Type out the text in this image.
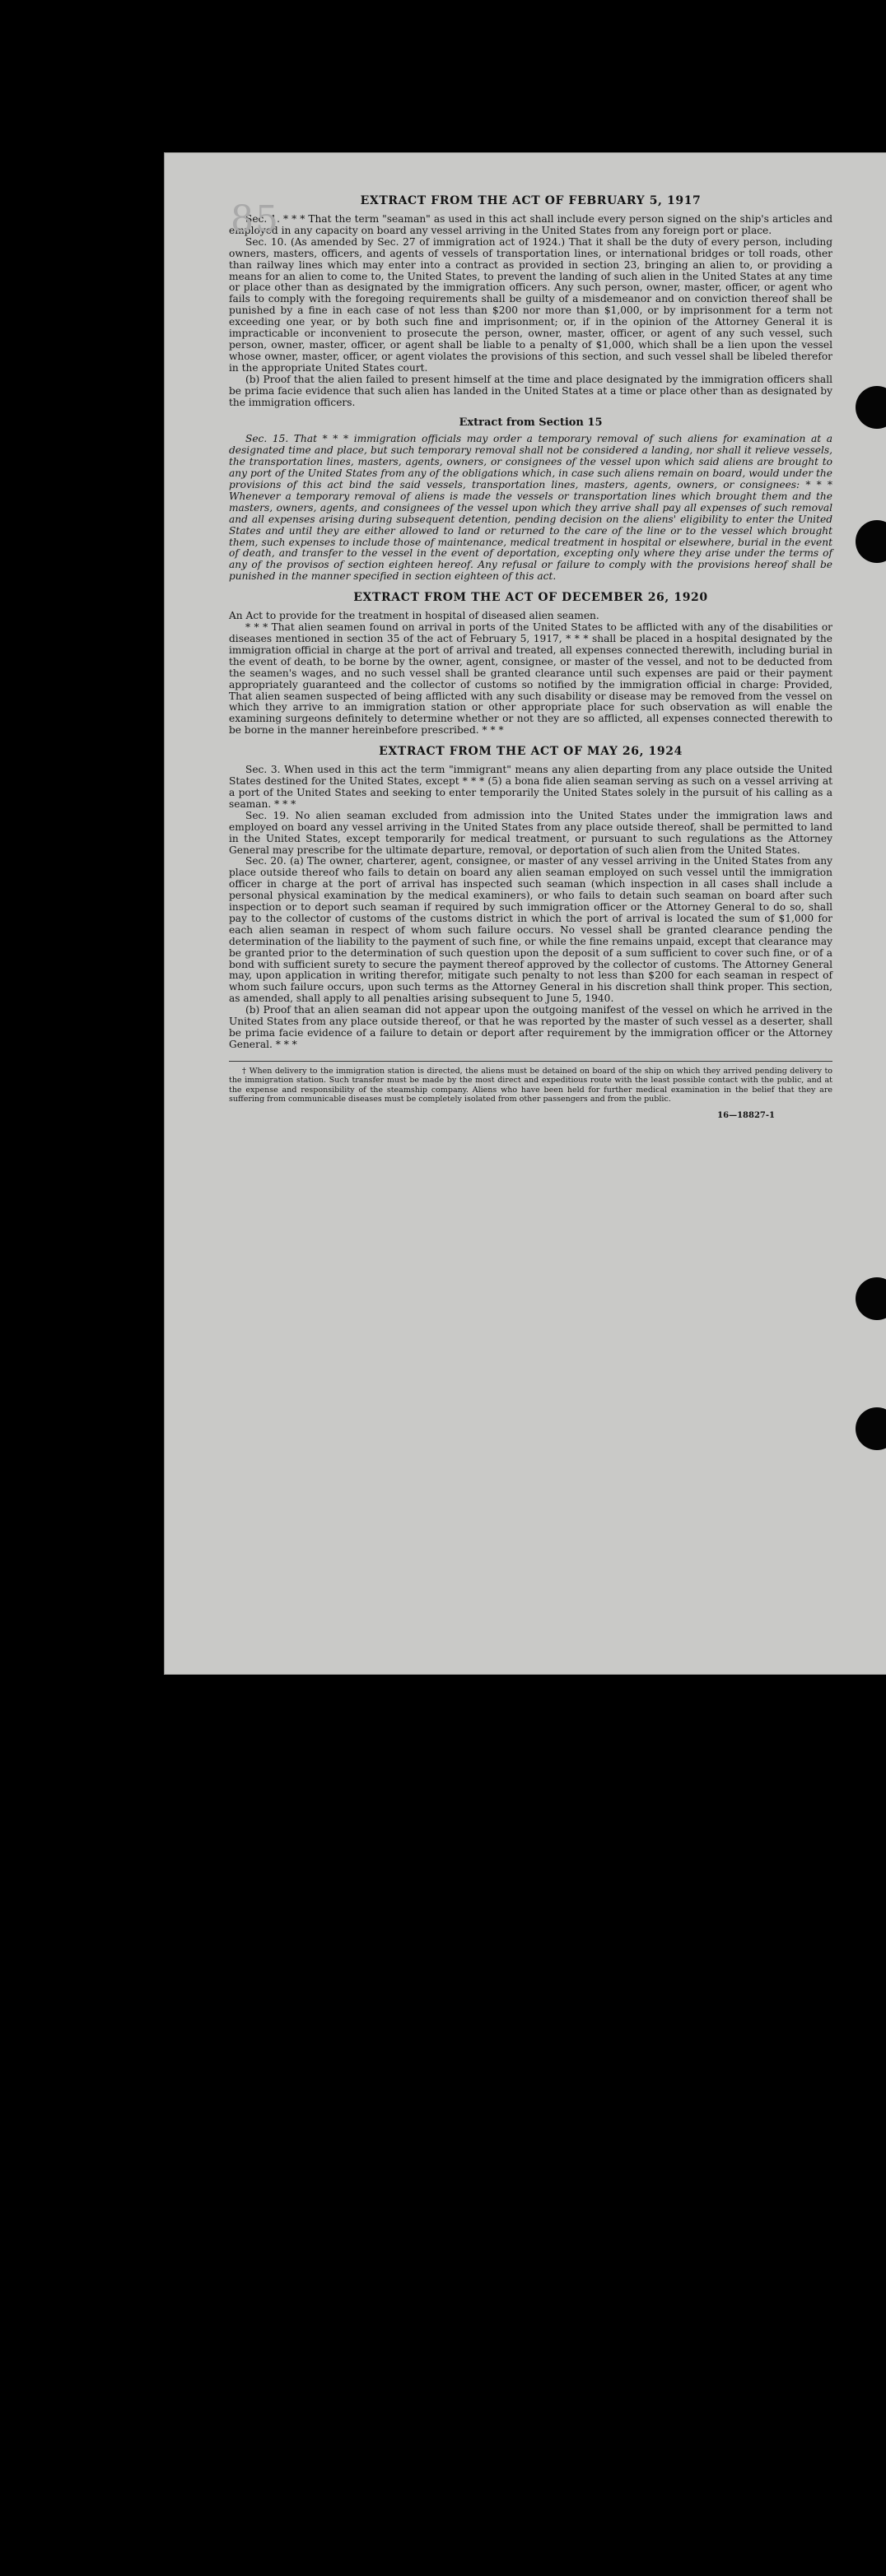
85	EXTRACT FROM THE ACT OF FEBRUARY 5, 1917

Sec. 1. * * * That the term "seaman" as used in this act shall include every person signed on the ship's articles and employed in any capacity on board any vessel arriving in the United States from any foreign port or place.

Sec. 10. (As amended by Sec. 27 of immigration act of 1924.) That it shall be the duty of every person, including owners, masters, officers, and agents of vessels of transportation lines, or international bridges or toll roads, other than railway lines which may enter into a contract as provided in section 23, bringing an alien to, or providing a means for an alien to come to, the United States, to prevent the landing of such alien in the United States at any time or place other than as designated by the immigration officers. Any such person, owner, master, officer, or agent who fails to comply with the foregoing requirements shall be guilty of a misdemeanor and on conviction thereof shall be punished by a fine in each case of not less than $200 nor more than $1,000, or by imprisonment for a term not exceeding one year, or by both such fine and imprisonment; or, if in the opinion of the Attorney General it is impracticable or inconvenient to prosecute the person, owner, master, officer, or agent of any such vessel, such person, owner, master, officer, or agent shall be liable to a penalty of $1,000, which shall be a lien upon the vessel whose owner, master, officer, or agent violates the provisions of this section, and such vessel shall be libeled therefor in the appropriate United States court.

(b) Proof that the alien failed to present himself at the time and place designated by the immigration officers shall be prima facie evidence that such alien has landed in the United States at a time or place other than as designated by the immigration officers.

Extract from Section 15

Sec. 15. That * * * immigration officials may order a temporary removal of such aliens for examination at a designated time and place, but such temporary removal shall not be considered a landing, nor shall it relieve vessels, the transportation lines, masters, agents, owners, or consignees of the vessel upon which said aliens are brought to any port of the United States from any of the obligations which, in case such aliens remain on board, would under the provisions of this act bind the said vessels, transportation lines, masters, agents, owners, or consignees: * * * Whenever a temporary removal of aliens is made the vessels or transportation lines which brought them and the masters, owners, agents, and consignees of the vessel upon which they arrive shall pay all expenses of such removal and all expenses arising during subsequent detention, pending decision on the aliens' eligibility to enter the United States and until they are either allowed to land or returned to the care of the line or to the vessel which brought them, such expenses to include those of maintenance, medical treatment in hospital or elsewhere, burial in the event of death, and transfer to the vessel in the event of deportation, excepting only where they arise under the terms of any of the provisos of section eighteen hereof. Any refusal or failure to comply with the provisions hereof shall be punished in the manner specified in section eighteen of this act.

EXTRACT FROM THE ACT OF DECEMBER 26, 1920

An Act to provide for the treatment in hospital of diseased alien seamen.

* * * That alien seamen found on arrival in ports of the United States to be afflicted with any of the disabilities or diseases mentioned in section 35 of the act of February 5, 1917, * * * shall be placed in a hospital designated by the immigration official in charge at the port of arrival and treated, all expenses connected therewith, including burial in the event of death, to be borne by the owner, agent, consignee, or master of the vessel, and not to be deducted from the seamen's wages, and no such vessel shall be granted clearance until such expenses are paid or their payment appropriately guaranteed and the collector of customs so notified by the immigration official in charge: Provided, That alien seamen suspected of being afflicted with any such disability or disease may be removed from the vessel on which they arrive to an immigration station or other appropriate place for such observation as will enable the examining surgeons definitely to determine whether or not they are so afflicted, all expenses connected therewith to be borne in the manner hereinbefore prescribed. * * *

EXTRACT FROM THE ACT OF MAY 26, 1924

Sec. 3. When used in this act the term "immigrant" means any alien departing from any place outside the United States destined for the United States, except * * * (5) a bona fide alien seaman serving as such on a vessel arriving at a port of the United States and seeking to enter temporarily the United States solely in the pursuit of his calling as a seaman. * * *

Sec. 19. No alien seaman excluded from admission into the United States under the immigration laws and employed on board any vessel arriving in the United States from any place outside thereof, shall be permitted to land in the United States, except temporarily for medical treatment, or pursuant to such regulations as the Attorney General may prescribe for the ultimate departure, removal, or deportation of such alien from the United States.

Sec. 20. (a) The owner, charterer, agent, consignee, or master of any vessel arriving in the United States from any place outside thereof who fails to detain on board any alien seaman employed on such vessel until the immigration officer in charge at the port of arrival has inspected such seaman (which inspection in all cases shall include a personal physical examination by the medical examiners), or who fails to detain such seaman on board after such inspection or to deport such seaman if required by such immigration officer or the Attorney General to do so, shall pay to the collector of customs of the customs district in which the port of arrival is located the sum of $1,000 for each alien seaman in respect of whom such failure occurs. No vessel shall be granted clearance pending the determination of the liability to the payment of such fine, or while the fine remains unpaid, except that clearance may be granted prior to the determination of such question upon the deposit of a sum sufficient to cover such fine, or of a bond with sufficient surety to secure the payment thereof approved by the collector of customs. The Attorney General may, upon application in writing therefor, mitigate such penalty to not less than $200 for each seaman in respect of whom such failure occurs, upon such terms as the Attorney General in his discretion shall think proper. This section, as amended, shall apply to all penalties arising subsequent to June 5, 1940.

(b) Proof that an alien seaman did not appear upon the outgoing manifest of the vessel on which he arrived in the United States from any place outside thereof, or that he was reported by the master of such vessel as a deserter, shall be prima facie evidence of a failure to detain or deport after requirement by the immigration officer or the Attorney General. * * *

† When delivery to the immigration station is directed, the aliens must be detained on board of the ship on which they arrived pending delivery to the immigration station. Such transfer must be made by the most direct and expeditious route with the least possible contact with the public, and at the expense and responsibility of the steamship company. Aliens who have been held for further medical examination in the belief that they are suffering from communicable diseases must be completely isolated from other passengers and from the public.
16—18827-1
